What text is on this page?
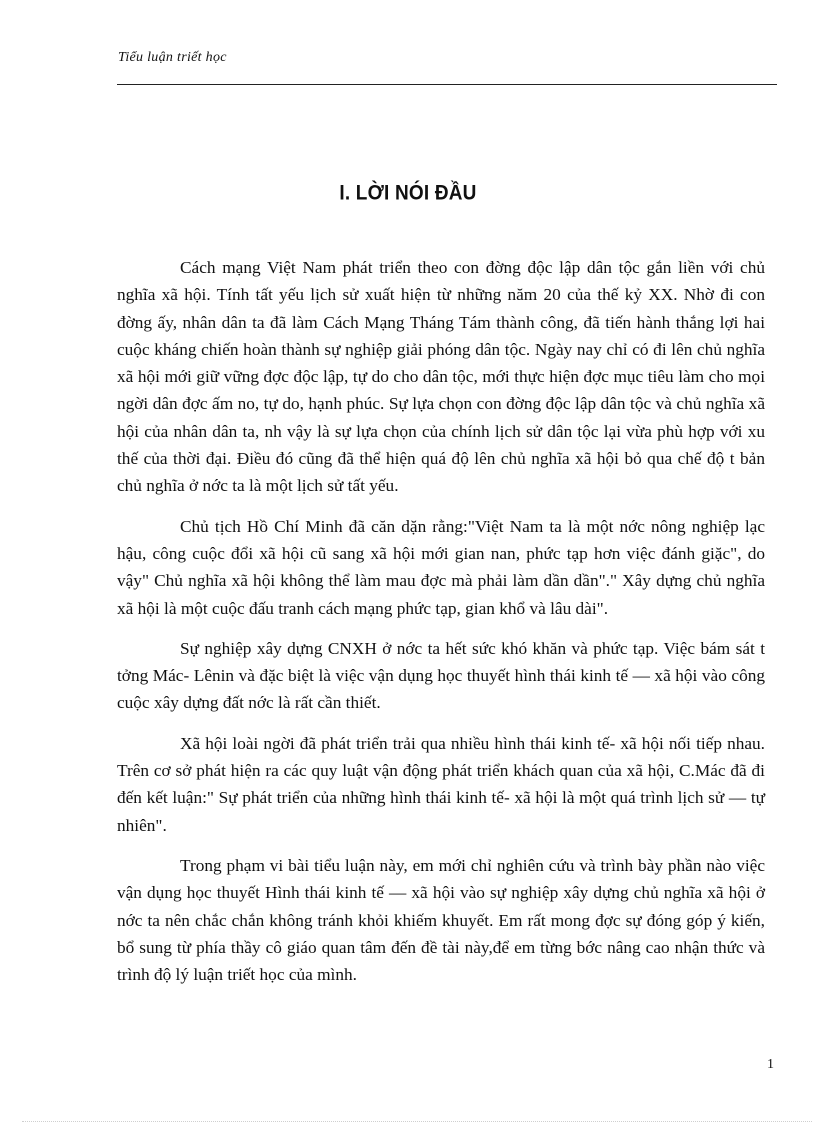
Tiểu luận triết học
I. LỜI NÓI ĐẦU

Cách mạng Việt Nam phát triển theo con đờng độc lập dân tộc gắn liền với chủ nghĩa xã hội. Tính tất yếu lịch sử xuất hiện từ những năm 20 của thế kỷ XX. Nhờ đi con đờng ấy, nhân dân ta đã làm Cách Mạng Tháng Tám thành công, đã tiến hành thắng lợi hai cuộc kháng chiến hoàn thành sự nghiệp giải phóng dân tộc. Ngày nay chỉ có đi lên chủ nghĩa xã hội mới giữ vững đợc độc lập, tự do cho dân tộc, mới thực hiện đợc mục tiêu làm cho mọi ngời dân đợc ấm no, tự do, hạnh phúc. Sự lựa chọn con đờng độc lập dân tộc và chủ nghĩa xã hội của nhân dân ta, nh vậy là sự lựa chọn của chính lịch sử dân tộc lại vừa phù hợp với xu thế của thời đại. Điều đó cũng đã thể hiện quá độ lên chủ nghĩa xã hội bỏ qua chế độ t bản chủ nghĩa ở nớc ta là một lịch sử tất yếu.

Chủ tịch Hồ Chí Minh đã căn dặn rằng:"Việt Nam ta là một nớc nông nghiệp lạc hậu, công cuộc đổi xã hội cũ sang xã hội mới gian nan, phức tạp hơn việc đánh giặc", do vậy" Chủ nghĩa xã hội không thể làm mau đợc mà phải làm dần dần"." Xây dựng chủ nghĩa xã hội là một cuộc đấu tranh cách mạng phức tạp, gian khổ và lâu dài".

Sự nghiệp xây dựng CNXH ở nớc ta hết sức khó khăn và phức tạp. Việc bám sát t tởng Mác- Lênin và đặc biệt là việc vận dụng học thuyết hình thái kinh tế — xã hội vào công cuộc xây dựng đất nớc là rất cần thiết.

Xã hội loài ngời đã phát triển trải qua nhiều hình thái kinh tế- xã hội nối tiếp nhau. Trên cơ sở phát hiện ra các quy luật vận động phát triển khách quan của xã hội, C.Mác đã đi đến kết luận:" Sự phát triển của những hình thái kinh tế- xã hội là một quá trình lịch sử — tự nhiên".

Trong phạm vi bài tiểu luận này, em mới chỉ nghiên cứu và trình bày phần nào việc vận dụng học thuyết Hình thái kinh tế — xã hội vào sự nghiệp xây dựng chủ nghĩa xã hội ở nớc ta nên chắc chắn không tránh khỏi khiếm khuyết. Em rất mong đợc sự đóng góp ý kiến, bổ sung từ phía thầy cô giáo quan tâm đến đề tài này,để em từng bớc nâng cao nhận thức và trình độ lý luận triết học của mình.

1
